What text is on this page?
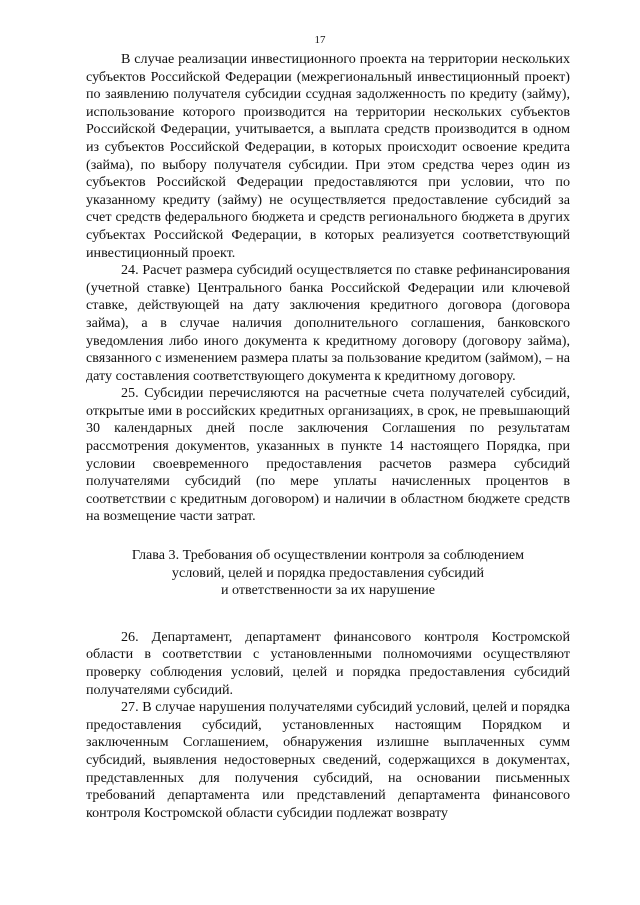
17

В случае реализации инвестиционного проекта на территории нескольких субъектов Российской Федерации (межрегиональный инвестиционный проект) по заявлению получателя субсидии ссудная задолженность по кредиту (займу), использование которого производится на территории нескольких субъектов Российской Федерации, учитывается, а выплата средств производится в одном из субъектов Российской Федерации, в которых происходит освоение кредита (займа), по выбору получателя субсидии. При этом средства через один из субъектов Российской Федерации предоставляются при условии, что по указанному кредиту (займу) не осуществляется предоставление субсидий за счет средств федерального бюджета и средств регионального бюджета в других субъектах Российской Федерации, в которых реализуется соответствующий инвестиционный проект.

24. Расчет размера субсидий осуществляется по ставке рефинансирования (учетной ставке) Центрального банка Российской Федерации или ключевой ставке, действующей на дату заключения кредитного договора (договора займа), а в случае наличия дополнительного соглашения, банковского уведомления либо иного документа к кредитному договору (договору займа), связанного с изменением размера платы за пользование кредитом (займом), – на дату составления соответствующего документа к кредитному договору.

25. Субсидии перечисляются на расчетные счета получателей субсидий, открытые ими в российских кредитных организациях, в срок, не превышающий 30 календарных дней после заключения Соглашения по результатам рассмотрения документов, указанных в пункте 14 настоящего Порядка, при условии своевременного предоставления расчетов размера субсидий получателями субсидий (по мере уплаты начисленных процентов в соответствии с кредитным договором) и наличии в областном бюджете средств на возмещение части затрат.

Глава 3. Требования об осуществлении контроля за соблюдением
условий, целей и порядка предоставления субсидий
и ответственности за их нарушение

26. Департамент, департамент финансового контроля Костромской области в соответствии с установленными полномочиями осуществляют проверку соблюдения условий, целей и порядка предоставления субсидий получателями субсидий.

27. В случае нарушения получателями субсидий условий, целей и порядка предоставления субсидий, установленных настоящим Порядком и заключенным Соглашением, обнаружения излишне выплаченных сумм субсидий, выявления недостоверных сведений, содержащихся в документах, представленных для получения субсидий, на основании письменных требований департамента или представлений департамента финансового контроля Костромской области субсидии подлежат возврату
